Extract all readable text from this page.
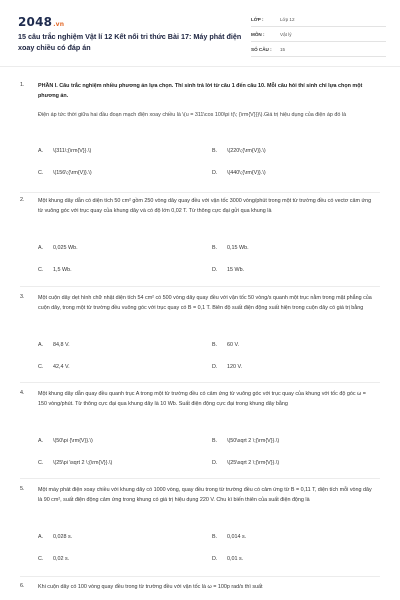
2048.vn
15 câu trắc nghiệm Vật lí 12 Kết nối tri thức Bài 17: Máy phát điện xoay chiều có đáp án
LỚP :	Lớp 12
MÔN :	Vật lý
SỐ CÂU :	15
1.	PHẦN I. Câu trắc nghiệm nhiều phương án lựa chọn. Thí sinh trả lời từ câu 1 đến câu 10. Mỗi câu hỏi thí sinh chỉ lựa chọn một phương án.
Điện áp tức thời giữa hai đầu đoạn mạch điện xoay chiều là \(u = 311\cos 100\pi t(\; {\rm{V}})\).Giá trị hiệu dụng của điện áp đó là
A.	\(311\;{\rm{V}}.\)	B.	\(220\;{\rm{V}}.\)
C.	\(156\;{\rm{V}}.\)	D.	\(440\;{\rm{V}}.\)
2.	Một khung dây dẫn có diện tích 50 cm² gồm 250 vòng dây quay đều với vận tốc 3000 vòng/phút trong một từ trường đều có vectơ cảm ứng từ vuông góc với trục quay của khung dây và có độ lớn 0,02 T. Từ thông cực đại gửi qua khung là
A.	0,025 Wb.	B.	0,15 Wb.
C.	1,5 Wb.	D.	15 Wb.
3.	Một cuộn dây dẹt hình chữ nhật diện tích 54 cm² có 500 vòng dây quay đều với vận tốc 50 vòng/s quanh một trục nằm trong mặt phẳng của cuộn dây, trong một từ trường đều vuông góc với trục quay có B = 0,1 T. Biên độ suất điện động xuất hiện trong cuộn dây có giá trị bằng
A.	84,8 V.	B.	60 V.
C.	42,4 V.	D.	120 V.
4.	Một khung dây dẫn quay đều quanh trục A trong một từ trường đều có cảm ứng từ vuông góc với trục quay của khung với tốc độ góc ω = 150 vòng/phút. Từ thông cực đại qua khung dây là 10 Wb. Suất điện động cực đại trong khung dây bằng
A.	\(50\pi {\rm{V}}.\)	B.	\(50\sqrt 2 \;{\rm{V}}.\)
C.	\(25\pi \sqrt 2 \;{\rm{V}}.\)	D.	\(25\sqrt 2 \;{\rm{V}}.\)
5.	Một máy phát điện xoay chiều với khung dây có 1000 vòng, quay đều trong từ trường đều có cảm ứng từ B = 0,11 T, diện tích mỗi vòng dây là 90 cm², suất điện động cảm ứng trong khung có giá trị hiệu dụng 220 V. Chu kì biến thiên của suất điện động là
A.	0,028 s.	B.	0,014 s.
C.	0,02 s.	D.	0,01 s.
6.	Khi cuộn dây có 100 vòng quay đều trong từ trường đều với vận tốc là ω = 100p rad/s thì suất
